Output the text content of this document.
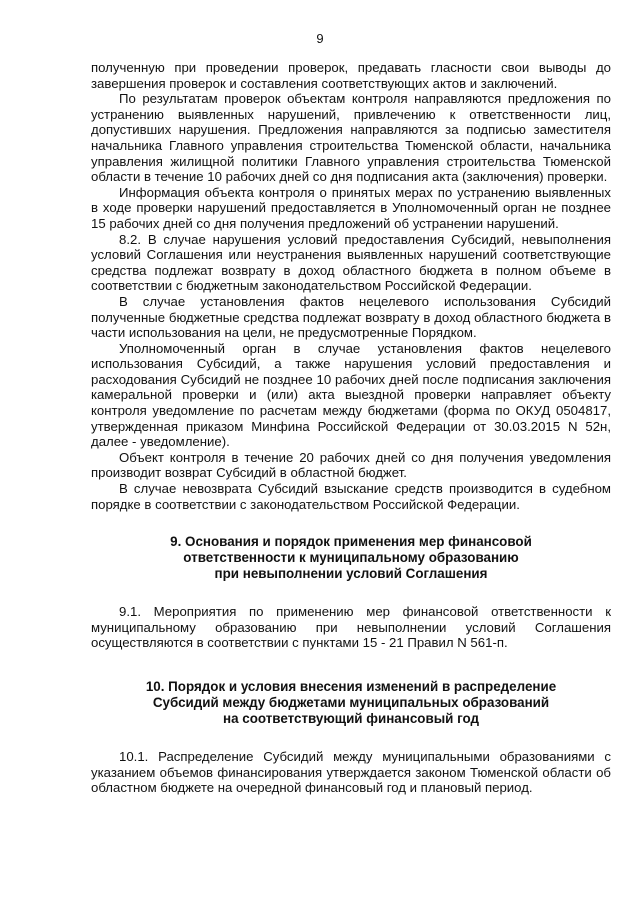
9

полученную при проведении проверок, предавать гласности свои выводы до завершения проверок и составления соответствующих актов и заключений.

По результатам проверок объектам контроля направляются предложения по устранению выявленных нарушений, привлечению к ответственности лиц, допустивших нарушения. Предложения направляются за подписью заместителя начальника Главного управления строительства Тюменской области, начальника управления жилищной политики Главного управления строительства Тюменской области в течение 10 рабочих дней со дня подписания акта (заключения) проверки.

Информация объекта контроля о принятых мерах по устранению выявленных в ходе проверки нарушений предоставляется в Уполномоченный орган не позднее 15 рабочих дней со дня получения предложений об устранении нарушений.

8.2. В случае нарушения условий предоставления Субсидий, невыполнения условий Соглашения или неустранения выявленных нарушений соответствующие средства подлежат возврату в доход областного бюджета в полном объеме в соответствии с бюджетным законодательством Российской Федерации.

В случае установления фактов нецелевого использования Субсидий полученные бюджетные средства подлежат возврату в доход областного бюджета в части использования на цели, не предусмотренные Порядком.

Уполномоченный орган в случае установления фактов нецелевого использования Субсидий, а также нарушения условий предоставления и расходования Субсидий не позднее 10 рабочих дней после подписания заключения камеральной проверки и (или) акта выездной проверки направляет объекту контроля уведомление по расчетам между бюджетами (форма по ОКУД 0504817, утвержденная приказом Минфина Российской Федерации от 30.03.2015 N 52н, далее - уведомление).

Объект контроля в течение 20 рабочих дней со дня получения уведомления производит возврат Субсидий в областной бюджет.

В случае невозврата Субсидий взыскание средств производится в судебном порядке в соответствии с законодательством Российской Федерации.

9. Основания и порядок применения мер финансовой

ответственности к муниципальному образованию

при невыполнении условий Соглашения

9.1. Мероприятия по применению мер финансовой ответственности к муниципальному образованию при невыполнении условий Соглашения осуществляются в соответствии с пунктами 15 - 21 Правил N 561-п.

10. Порядок и условия внесения изменений в распределение

Субсидий между бюджетами муниципальных образований

на соответствующий финансовый год

10.1. Распределение Субсидий между муниципальными образованиями с указанием объемов финансирования утверждается законом Тюменской области об областном бюджете на очередной финансовый год и плановый период.
